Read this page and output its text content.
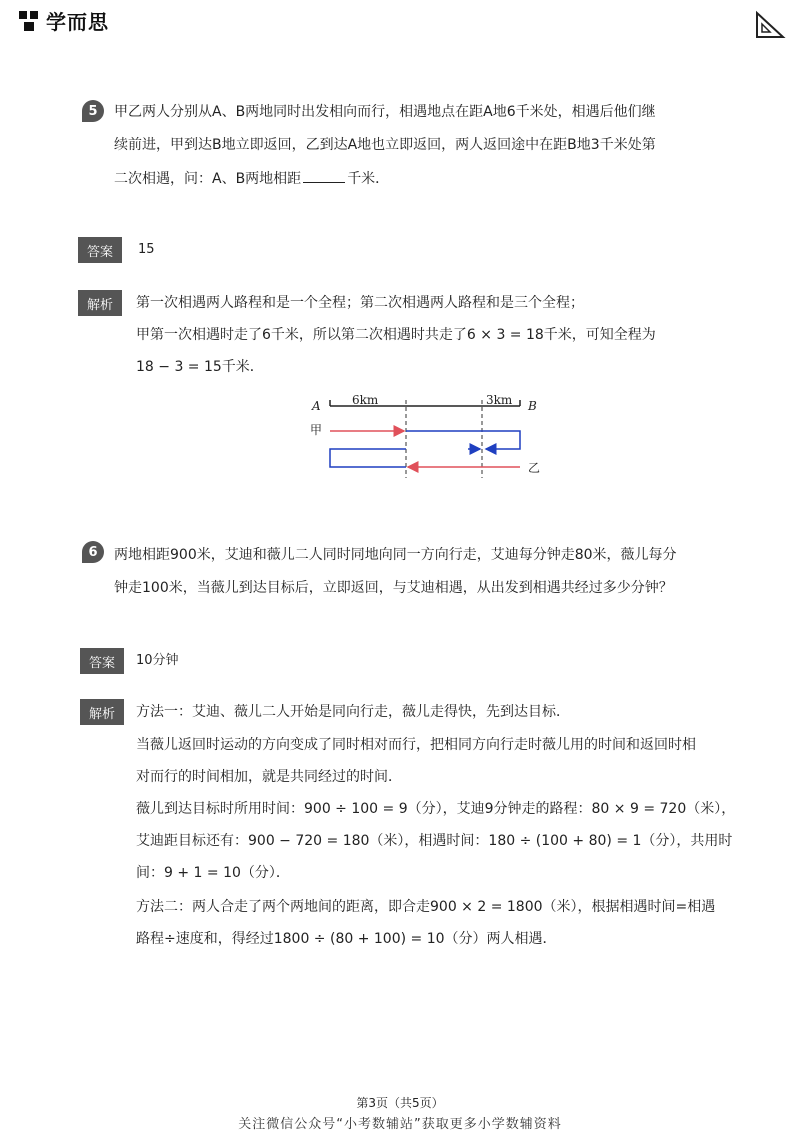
学而思
5	甲乙两人分别从A、B两地同时出发相向而行，相遇地点在距A地6千米处，相遇后他们继
续前进，甲到达B地立即返回，乙到达A地也立即返回，两人返回途中在距B地3千米处第
二次相遇，问：A、B两地相距	千米．
答案	15
解析	第一次相遇两人路程和是一个全程；第二次相遇两人路程和是三个全程；
甲第一次相遇时走了6千米，所以第二次相遇时共走了6 × 3 = 18千米，可知全程为
18 − 3 = 15千米．
A	6km	3km B
甲
乙
6	两地相距900米，艾迪和薇儿二人同时同地向同一方向行走，艾迪每分钟走80米，薇儿每分
钟走100米，当薇儿到达目标后，立即返回，与艾迪相遇，从出发到相遇共经过多少分钟？
答案	10分钟
解析	方法一：艾迪、薇儿二人开始是同向行走，薇儿走得快，先到达目标．
当薇儿返回时运动的方向变成了同时相对而行，把相同方向行走时薇儿用的时间和返回时相
对而行的时间相加，就是共同经过的时间．
薇儿到达目标时所用时间：900 ÷ 100 = 9（分），艾迪9分钟走的路程：80 × 9 = 720（米），
艾迪距目标还有：900 − 720 = 180（米），相遇时间：180 ÷ (100 + 80) = 1（分），共用时
间：9 + 1 = 10（分）．
方法二：两人合走了两个两地间的距离，即合走900 × 2 = 1800（米），根据相遇时间=相遇
路程÷速度和，得经过1800 ÷ (80 + 100) = 10（分）两人相遇．
第3页（共5页）
关注微信公众号“小考数辅站”获取更多小学数辅资料
